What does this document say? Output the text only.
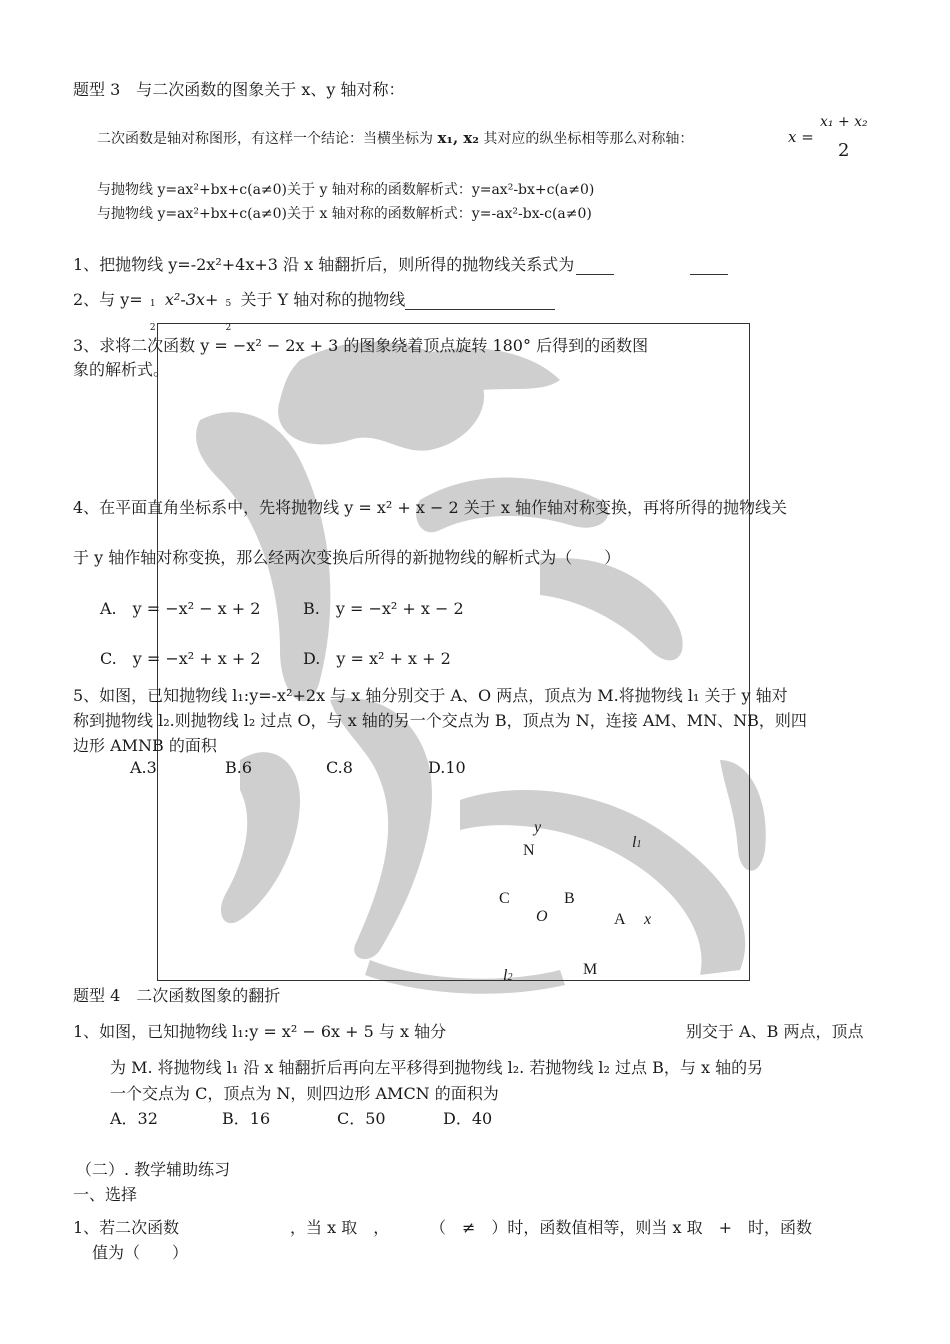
题型 3　与二次函数的图象关于 x、y 轴对称：
二次函数是轴对称图形，有这样一个结论：当横坐标为 x₁, x₂ 其对应的纵坐标相等那么对称轴：	x =
x₁ + x₂
2
与抛物线 y=ax²+bx+c(a≠0)关于 y 轴对称的函数解析式：y=ax²-bx+c(a≠0)
与抛物线 y=ax²+bx+c(a≠0)关于 x 轴对称的函数解析式：y=-ax²-bx-c(a≠0)
1、把抛物线 y=-2x²+4x+3 沿 x 轴翻折后，则所得的抛物线关系式为
2、与 y= 1
2
x²-3x+ 5
2
关于 Y 轴对称的抛物线
3、求将二次函数 y = −x² − 2x + 3 的图象绕着顶点旋转 180° 后得到的函数图
象的解析式。
4、在平面直角坐标系中，先将抛物线 y = x² + x − 2 关于 x 轴作轴对称变换，再将所得的抛物线关
于 y 轴作轴对称变换，那么经两次变换后所得的新抛物线的解析式为（　　）
A.　y = −x² − x + 2	B.　y = −x² + x − 2
C.　y = −x² + x + 2	D.　y = x² + x + 2
5、如图，已知抛物线 l₁:y=-x²+2x 与 x 轴分别交于 A、O 两点，顶点为 M.将抛物线 l₁ 关于 y 轴对
称到抛物线 l₂.则抛物线 l₂ 过点 O，与 x 轴的另一个交点为 B，顶点为 N，连接 AM、MN、NB，则四
边形 AMNB 的面积
A.3	B.6	C.8	D.10
y
N	l1
C	B
O	A x
M
l2
题型 4　二次函数图象的翻折
1、如图，已知抛物线 l₁:y = x² − 6x + 5 与 x 轴分	别交于 A、B 两点，顶点
为 M. 将抛物线 l₁ 沿 x 轴翻折后再向左平移得到抛物线 l₂. 若抛物线 l₂ 过点 B，与 x 轴的另
一个交点为 C，顶点为 N，则四边形 AMCN 的面积为
A．32	B．16	C．50	D．40
（二）. 教学辅助练习
一、选择
1、若二次函数	，当 x 取　，	（　≠　）时，函数值相等，则当 x 取　+　时，函数
值为（　　）
